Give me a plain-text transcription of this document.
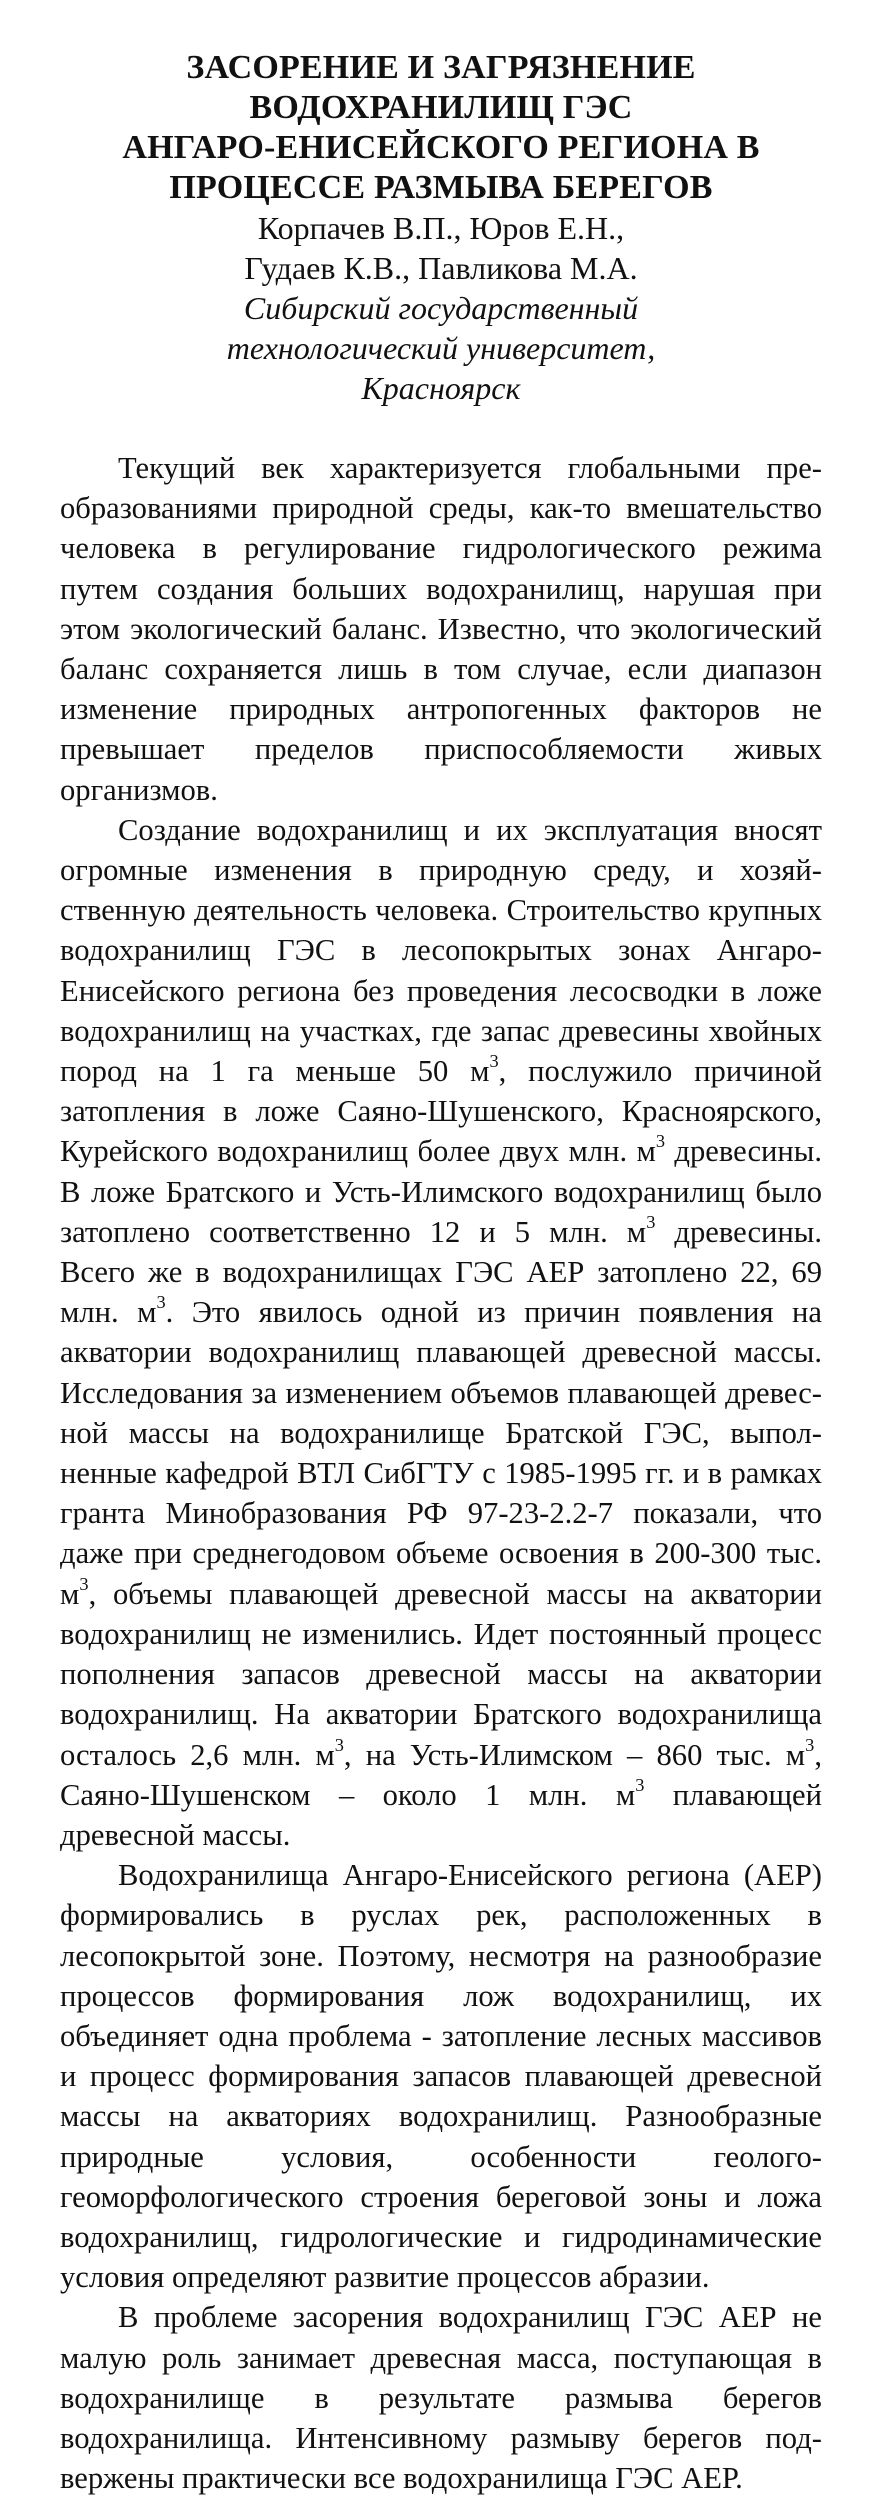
ЗАСОРЕНИЕ И ЗАГРЯЗНЕНИЕ
ВОДОХРАНИЛИЩ ГЭС
АНГАРО-ЕНИСЕЙСКОГО РЕГИОНА В
ПРОЦЕССЕ РАЗМЫВА БЕРЕГОВ
Корпачев В.П., Юров Е.Н.,
Гудаев К.В., Павликова М.А.
Сибирский государственный
технологический университет,
Красноярск

Текущий век характеризуется глобальными преобразованиями природной среды, как-то вмешательство человека в регулирование гидрологического режима путем создания больших водохранилищ, нарушая при этом экологический баланс. Известно, что экологический баланс сохраняется лишь в том случае, если диапазон изменение природных антропогенных факторов не превышает пределов приспособляемости живых организмов.

Создание водохранилищ и их эксплуатация вносят огромные изменения в природную среду, и хозяйственную деятельность человека. Строительство крупных водохранилищ ГЭС в лесопокрытых зонах Ангаро-Енисейского региона без проведения лесосводки в ложе водохранилищ на участках, где запас древесины хвойных пород на 1 га меньше 50 $м^3$, послужило причиной затопления в ложе Саяно-Шушенского, Красноярского, Курейского водохранилищ более двух млн. $м^3$ древесины. В ложе Братского и Усть-Илимского водохранилищ было затоплено соответственно 12 и 5 млн. $м^3$ древесины. Всего же в водохранилищах ГЭС АЕР затоплено 22, 69 млн. $м^3$. Это явилось одной из причин появления на акватории водохранилищ плавающей древесной массы. Исследования за изменением объемов плавающей древесной массы на водохранилище Братской ГЭС, выполненные кафедрой ВТЛ СибГТУ с 1985-1995 гг. и в рамках гранта Минобразования РФ 97-23-2.2-7 показали, что даже при среднегодовом объеме освоения в 200-300 тыс. $м^3$, объемы плавающей древесной массы на акватории водохранилищ не изменились. Идет постоянный процесс пополнения запасов древесной массы на акватории водохранилищ. На акватории Братского водохранилища осталось 2,6 млн. $м^3$, на Усть-Илимском – 860 тыс. $м^3$, Саяно-Шушенском – около 1 млн. $м^3$ плавающей древесной массы.

Водохранилища Ангаро-Енисейского региона (АЕР) формировались в руслах рек, расположенных в лесопокрытой зоне. Поэтому, несмотря на разнообразие процессов формирования лож водохранилищ, их объединяет одна проблема - затопление лесных массивов и процесс формирования запасов плавающей древесной массы на акваториях водохранилищ. Разнообразные природные условия, особенности геолого-геоморфологического строения береговой зоны и ложа водохранилищ, гидрологические и гидродинамические условия определяют развитие процессов абразии.

В проблеме засорения водохранилищ ГЭС АЕР не малую роль занимает древесная масса, поступающая в водохранилище в результате размыва берегов водохранилища. Интенсивному размыву берегов подвержены практически все водохранилища ГЭС АЕР.
